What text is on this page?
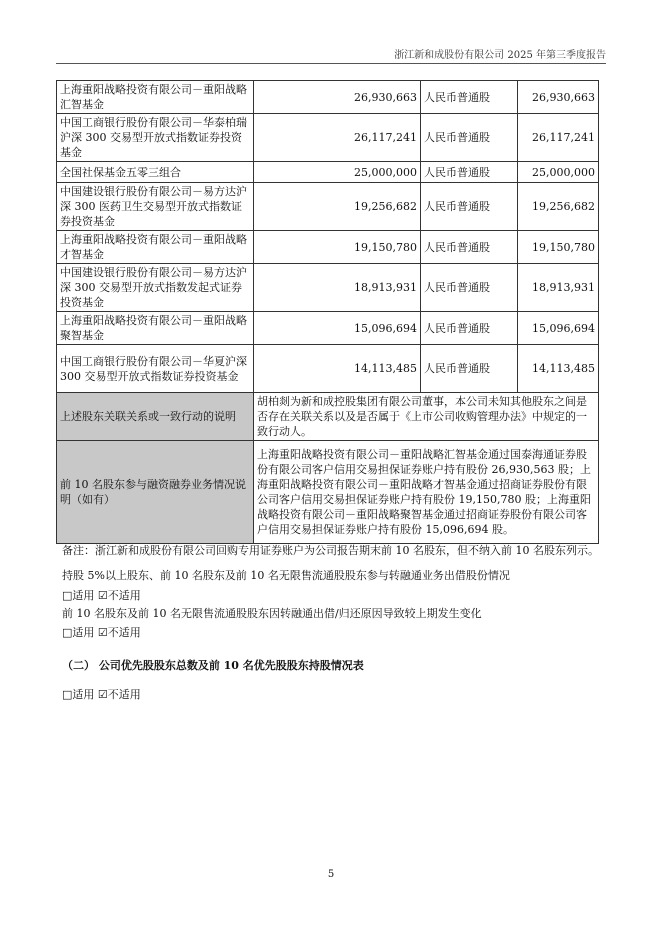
浙江新和成股份有限公司 2025 年第三季度报告
上海重阳战略投资有限公司－重阳战略汇智基金	26,930,663	人民币普通股	26,930,663
中国工商银行股份有限公司－华泰柏瑞沪深 300 交易型开放式指数证券投资基金	26,117,241	人民币普通股	26,117,241
全国社保基金五零三组合	25,000,000	人民币普通股	25,000,000
中国建设银行股份有限公司－易方达沪深 300 医药卫生交易型开放式指数证券投资基金	19,256,682	人民币普通股	19,256,682
上海重阳战略投资有限公司－重阳战略才智基金	19,150,780	人民币普通股	19,150,780
中国建设银行股份有限公司－易方达沪深 300 交易型开放式指数发起式证券投资基金	18,913,931	人民币普通股	18,913,931
上海重阳战略投资有限公司－重阳战略聚智基金	15,096,694	人民币普通股	15,096,694
中国工商银行股份有限公司－华夏沪深 300 交易型开放式指数证券投资基金	14,113,485	人民币普通股	14,113,485
上述股东关联关系或一致行动的说明	胡柏剡为新和成控股集团有限公司董事，本公司未知其他股东之间是否存在关联关系以及是否属于《上市公司收购管理办法》中规定的一致行动人。		
前 10 名股东参与融资融券业务情况说明（如有）	上海重阳战略投资有限公司－重阳战略汇智基金通过国泰海通证券股份有限公司客户信用交易担保证券账户持有股份 26,930,563 股；上海重阳战略投资有限公司－重阳战略才智基金通过招商证券股份有限公司客户信用交易担保证券账户持有股份 19,150,780 股；上海重阳战略投资有限公司－重阳战略聚智基金通过招商证券股份有限公司客户信用交易担保证券账户持有股份 15,096,694 股。		
备注：浙江新和成股份有限公司回购专用证券账户为公司报告期末前 10 名股东，但不纳入前 10 名股东列示。
持股 5%以上股东、前 10 名股东及前 10 名无限售流通股股东参与转融通业务出借股份情况
□适用 ☑不适用
前 10 名股东及前 10 名无限售流通股股东因转融通出借/归还原因导致较上期发生变化
□适用 ☑不适用
（二） 公司优先股股东总数及前 10 名优先股股东持股情况表
□适用 ☑不适用
5
